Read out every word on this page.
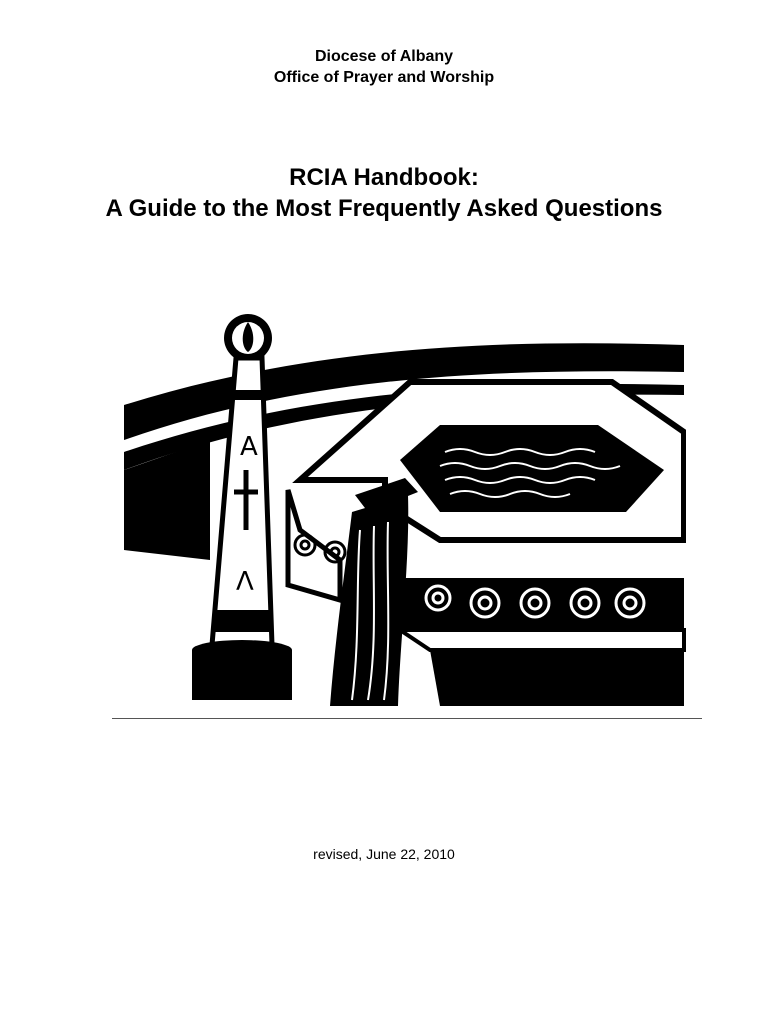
Diocese of Albany
Office of Prayer and Worship
RCIA Handbook:
A Guide to the Most Frequently Asked Questions
A
Λ
revised, June 22, 2010
